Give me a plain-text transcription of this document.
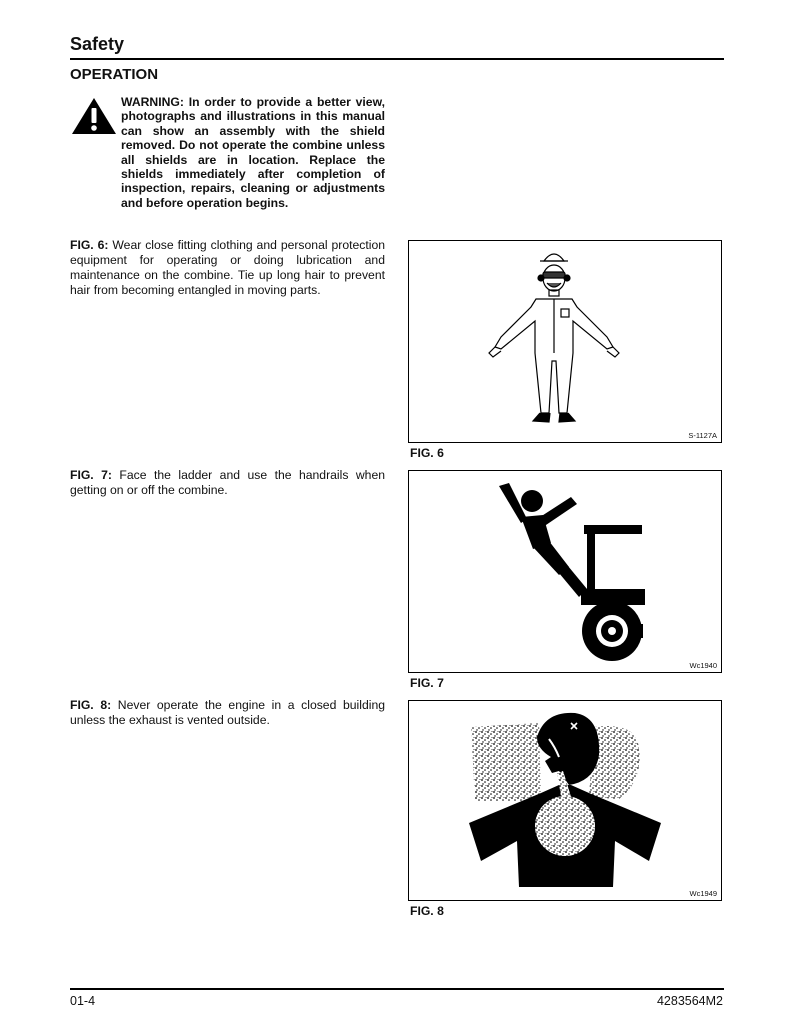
Safety
OPERATION

WARNING: In order to provide a better view, photographs and illustrations in this manual can show an assembly with the shield removed. Do not operate the combine unless all shields are in location. Replace the shields immediately after completion of inspection, repairs, cleaning or adjustments and before operation begins.

FIG. 6: Wear close fitting clothing and personal protection equipment for operating or doing lubrication and maintenance on the combine. Tie up long hair to prevent hair from becoming entangled in moving parts.

FIG. 7: Face the ladder and use the handrails when getting on or off the combine.

FIG. 8: Never operate the engine in a closed building unless the exhaust is vented outside.

S-1127A
FIG. 6
Wc1940
FIG. 7
Wc1949
FIG. 8
01-4	4283564M2
